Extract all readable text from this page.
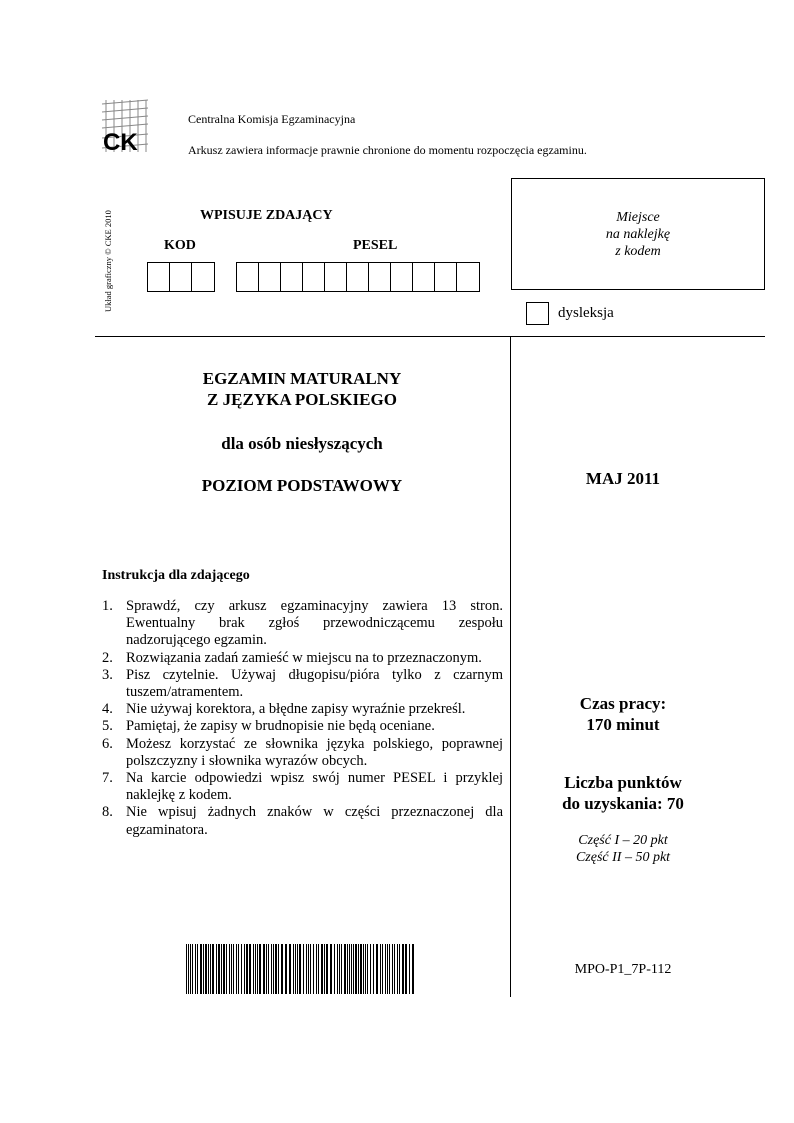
CK
Centralna Komisja Egzaminacyjna
Arkusz zawiera informacje prawnie chronione do momentu rozpoczęcia egzaminu.
Układ graficzny © CKE 2010	WPISUJE ZDAJĄCY
KOD	PESEL
Miejsce
na naklejkę
z kodem
dysleksja
EGZAMIN MATURALNY
Z JĘZYKA POLSKIEGO
dla osób niesłyszących
POZIOM PODSTAWOWY	MAJ 2011
Instrukcja dla zdającego
1. Sprawdź, czy arkusz egzaminacyjny zawiera 13 stron. Ewentualny brak zgłoś przewodniczącemu zespołu nadzorującego egzamin.
2. Rozwiązania zadań zamieść w miejscu na to przeznaczonym.
3. Pisz czytelnie. Używaj długopisu/pióra tylko z czarnym tuszem/atramentem.
4. Nie używaj korektora, a błędne zapisy wyraźnie przekreśl.
5. Pamiętaj, że zapisy w brudnopisie nie będą oceniane.
6. Możesz korzystać ze słownika języka polskiego, poprawnej polszczyzny i słownika wyrazów obcych.
7. Na karcie odpowiedzi wpisz swój numer PESEL i przyklej naklejkę z kodem.
8. Nie wpisuj żadnych znaków w części przeznaczonej dla egzaminatora.
Czas pracy:
170 minut
Liczba punktów
do uzyskania: 70
Część I – 20 pkt
Część II – 50 pkt
MPO-P1_7P-112
